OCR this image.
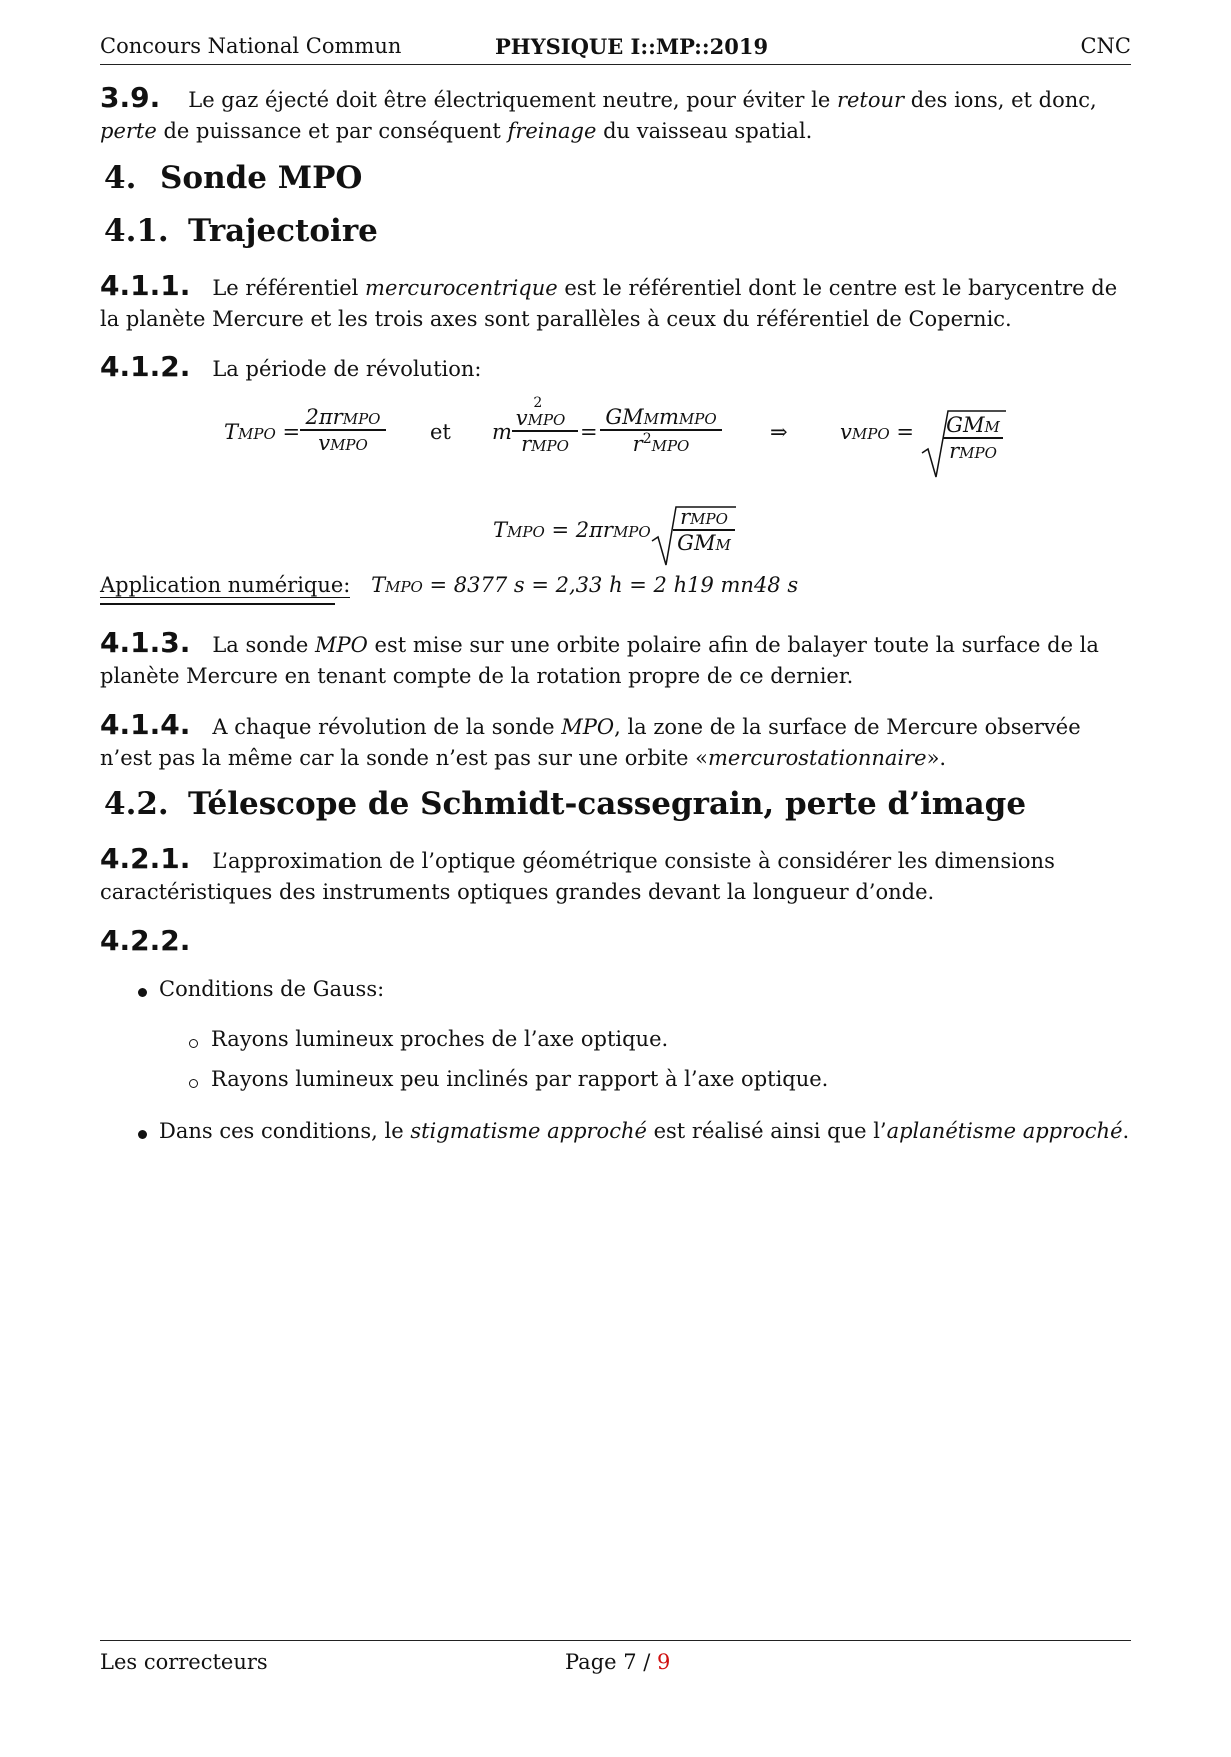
Concours National Commun	PHYSIQUE I::MP::2019	CNC
3.9. Le gaz éjecté doit être électriquement neutre, pour éviter le retour des ions, et donc, perte de puissance et par conséquent freinage du vaisseau spatial.
4. Sonde MPO
4.1. Trajectoire
4.1.1. Le référentiel mercurocentrique est le référentiel dont le centre est le barycentre de la planète Mercure et les trois axes sont parallèles à ceux du référentiel de Copernic.
4.1.2. La période de révolution:
TMPO =
2πrMPO
vMPO
et m
vMPO$^2$
rMPO
=
GMMmMPO
$r^2MPO$
⇒ vMPO = GMM
rMPO
TMPO = 2πrMPO
rMPO
GMM
Application numérique: TMPO = 8377 s = 2,33 h = 2 h19 mn48 s
4.1.3. La sonde MPO est mise sur une orbite polaire afin de balayer toute la surface de la planète Mercure en tenant compte de la rotation propre de ce dernier.
4.1.4. A chaque révolution de la sonde MPO, la zone de la surface de Mercure observée n’est pas la même car la sonde n’est pas sur une orbite «mercurostationnaire».
4.2. Télescope de Schmidt-cassegrain, perte d’image
4.2.1. L’approximation de l’optique géométrique consiste à considérer les dimensions caractéristiques des instruments optiques grandes devant la longueur d’onde.
4.2.2.
Conditions de Gauss:
Rayons lumineux proches de l’axe optique.
Rayons lumineux peu inclinés par rapport à l’axe optique.
Dans ces conditions, le stigmatisme approché est réalisé ainsi que l’aplanétisme approché.
Les correcteurs	Page 7 / 9
